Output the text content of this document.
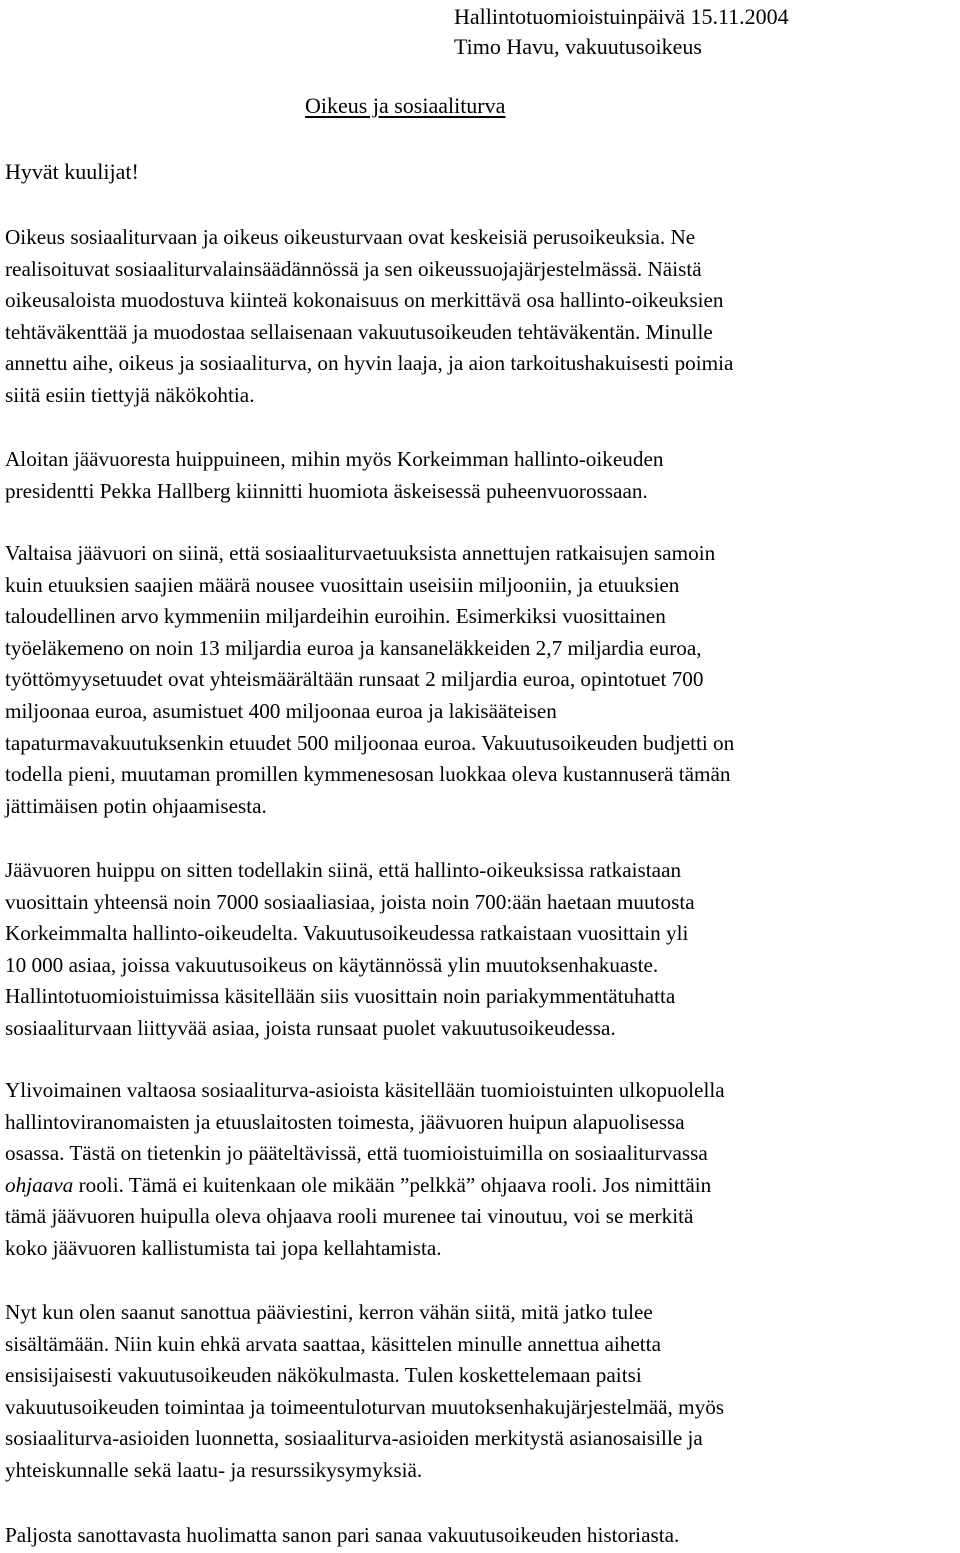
Hallintotuomioistuinpäivä 15.11.2004
Timo Havu, vakuutusoikeus
Oikeus ja sosiaaliturva
Hyvät kuulijat!
Oikeus sosiaaliturvaan ja oikeus oikeusturvaan ovat keskeisiä perusoikeuksia. Ne
realisoituvat sosiaaliturvalainsäädännössä ja sen oikeussuojajärjestelmässä. Näistä
oikeusaloista muodostuva kiinteä kokonaisuus on merkittävä osa hallinto-oikeuksien
tehtäväkenttää ja muodostaa sellaisenaan vakuutusoikeuden tehtäväkentän. Minulle
annettu aihe, oikeus ja sosiaaliturva, on hyvin laaja, ja aion tarkoitushakuisesti poimia
siitä esiin tiettyjä näkökohtia.
Aloitan jäävuoresta huippuineen, mihin myös Korkeimman hallinto-oikeuden
presidentti Pekka Hallberg kiinnitti huomiota äskeisessä puheenvuorossaan.
Valtaisa jäävuori on siinä, että sosiaaliturvaetuuksista annettujen ratkaisujen samoin
kuin etuuksien saajien määrä nousee vuosittain useisiin miljooniin, ja etuuksien
taloudellinen arvo kymmeniin miljardeihin euroihin. Esimerkiksi vuosittainen
työeläkemeno on noin 13 miljardia euroa ja kansaneläkkeiden 2,7 miljardia euroa,
työttömyysetuudet ovat yhteismäärältään runsaat 2 miljardia euroa, opintotuet 700
miljoonaa euroa, asumistuet 400 miljoonaa euroa ja lakisääteisen
tapaturmavakuutuksenkin etuudet 500 miljoonaa euroa. Vakuutusoikeuden budjetti on
todella pieni, muutaman promillen kymmenesosan luokkaa oleva kustannuserä tämän
jättimäisen potin ohjaamisesta.
Jäävuoren huippu on sitten todellakin siinä, että hallinto-oikeuksissa ratkaistaan
vuosittain yhteensä noin 7000 sosiaaliasiaa, joista noin 700:ään haetaan muutosta
Korkeimmalta hallinto-oikeudelta. Vakuutusoikeudessa ratkaistaan vuosittain yli
10 000 asiaa, joissa vakuutusoikeus on käytännössä ylin muutoksenhakuaste.
Hallintotuomioistuimissa käsitellään siis vuosittain noin pariakymmentätuhatta
sosiaaliturvaan liittyvää asiaa, joista runsaat puolet vakuutusoikeudessa.
Ylivoimainen valtaosa sosiaaliturva-asioista käsitellään tuomioistuinten ulkopuolella
hallintoviranomaisten ja etuuslaitosten toimesta, jäävuoren huipun alapuolisessa
osassa. Tästä on tietenkin jo pääteltävissä, että tuomioistuimilla on sosiaaliturvassa
ohjaava rooli. Tämä ei kuitenkaan ole mikään ”pelkkä” ohjaava rooli. Jos nimittäin
tämä jäävuoren huipulla oleva ohjaava rooli murenee tai vinoutuu, voi se merkitä
koko jäävuoren kallistumista tai jopa kellahtamista.
Nyt kun olen saanut sanottua pääviestini, kerron vähän siitä, mitä jatko tulee
sisältämään. Niin kuin ehkä arvata saattaa, käsittelen minulle annettua aihetta
ensisijaisesti vakuutusoikeuden näkökulmasta. Tulen koskettelemaan paitsi
vakuutusoikeuden toimintaa ja toimeentuloturvan muutoksenhakujärjestelmää, myös
sosiaaliturva-asioiden luonnetta, sosiaaliturva-asioiden merkitystä asianosaisille ja
yhteiskunnalle sekä laatu- ja resurssikysymyksiä.
Paljosta sanottavasta huolimatta sanon pari sanaa vakuutusoikeuden historiasta.
